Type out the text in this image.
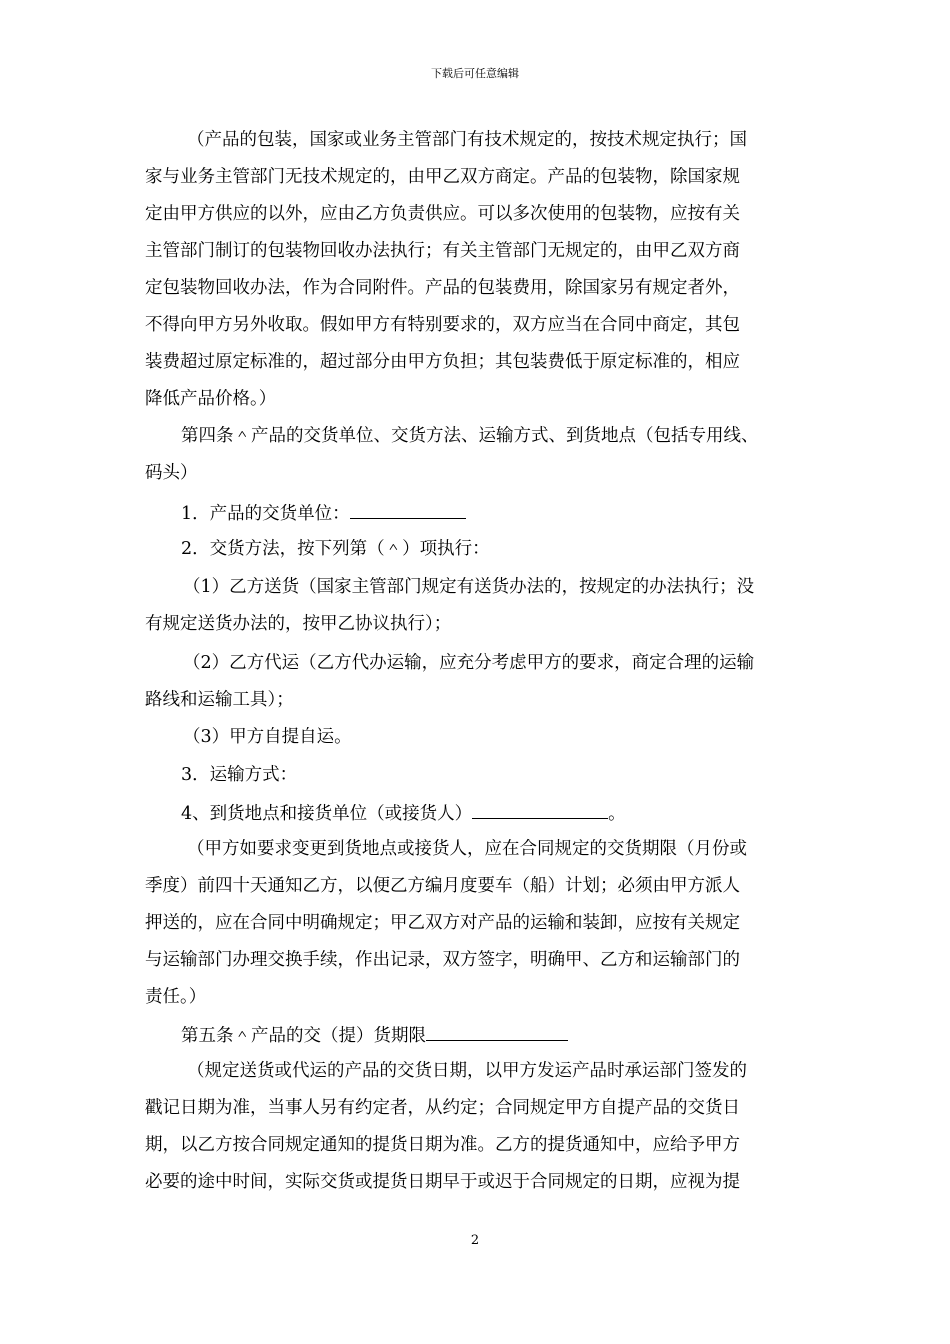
下载后可任意编辑
（产品的包装，国家或业务主管部门有技术规定的，按技术规定执行；国
家与业务主管部门无技术规定的，由甲乙双方商定。产品的包装物，除国家规
定由甲方供应的以外，应由乙方负责供应。可以多次使用的包装物，应按有关
主管部门制订的包装物回收办法执行；有关主管部门无规定的，由甲乙双方商
定包装物回收办法，作为合同附件。产品的包装费用，除国家另有规定者外，
不得向甲方另外收取。假如甲方有特别要求的，双方应当在合同中商定，其包
装费超过原定标准的，超过部分由甲方负担；其包装费低于原定标准的，相应
降低产品价格。）
第四条＾产品的交货单位、交货方法、运输方式、到货地点（包括专用线、
码头）
1．产品的交货单位：
2．交货方法，按下列第（＾）项执行：
（1）乙方送货（国家主管部门规定有送货办法的，按规定的办法执行；没
有规定送货办法的，按甲乙协议执行）；
（2）乙方代运（乙方代办运输，应充分考虑甲方的要求，商定合理的运输
路线和运输工具）；
（3）甲方自提自运。
3．运输方式：
4、到货地点和接货单位（或接货人）	。
（甲方如要求变更到货地点或接货人，应在合同规定的交货期限（月份或
季度）前四十天通知乙方，以便乙方编月度要车（船）计划；必须由甲方派人
押送的，应在合同中明确规定；甲乙双方对产品的运输和装卸，应按有关规定
与运输部门办理交换手续，作出记录，双方签字，明确甲、乙方和运输部门的
责任。）
第五条＾产品的交（提）货期限
（规定送货或代运的产品的交货日期，以甲方发运产品时承运部门签发的
戳记日期为准，当事人另有约定者，从约定；合同规定甲方自提产品的交货日
期，以乙方按合同规定通知的提货日期为准。乙方的提货通知中，应给予甲方
必要的途中时间，实际交货或提货日期早于或迟于合同规定的日期，应视为提
2
